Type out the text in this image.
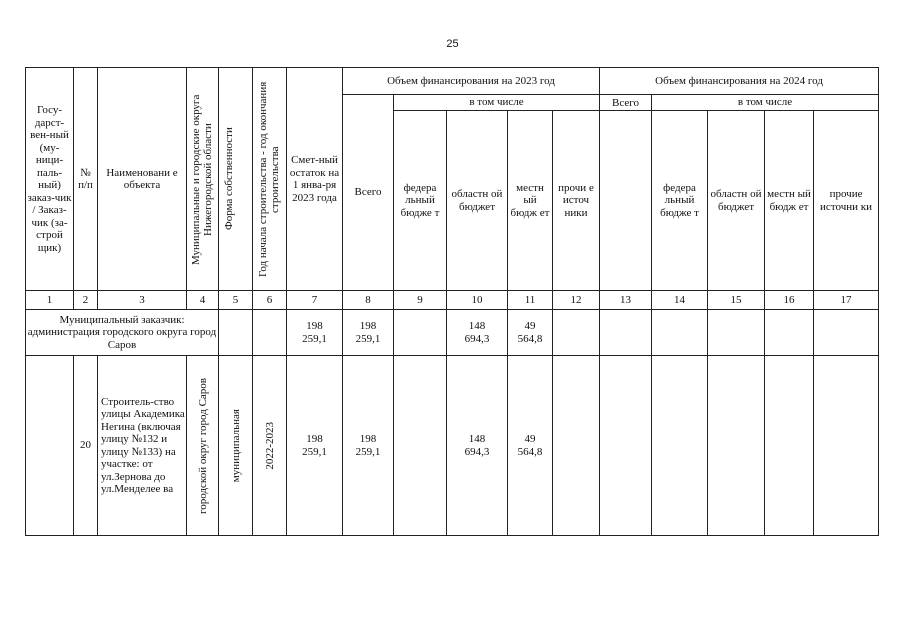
25
Госу-дарст-вен-ный (му-ници-паль-ный) заказ-чик / Заказ-чик (за-строй щик)	№ п/п	Наименовани е объекта	Муниципальные и городские округа Нижегородской области	Форма собственности	Год начала строительства - год окончания строительства	Смет-ный остаток на 1 янва-ря 2023 года	Объем финансирования на 2023 год					Объем финансирования на 2024 год				
							Всего	в том числе				Всего	в том числе			
								федера льный бюдже т	областн ой бюджет	местн ый бюдж ет	прочи е источ ники		федера льный бюдже т	областн ой бюджет	местн ый бюдж ет	прочие источни ки
1	2	3	4	5	6	7	8	9	10	11	12	13	14	15	16	17
Муниципальный заказчик: администрация городского округа город Саров						198 259,1	198 259,1		148 694,3	49 564,8						
	20	Строитель-ство улицы Академика Негина (включая улицу №132 и улицу №133) на участке: от ул.Зернова до ул.Менделее ва	городской округ город Саров	муниципальная	2022-2023	198 259,1	198 259,1		148 694,3	49 564,8						
